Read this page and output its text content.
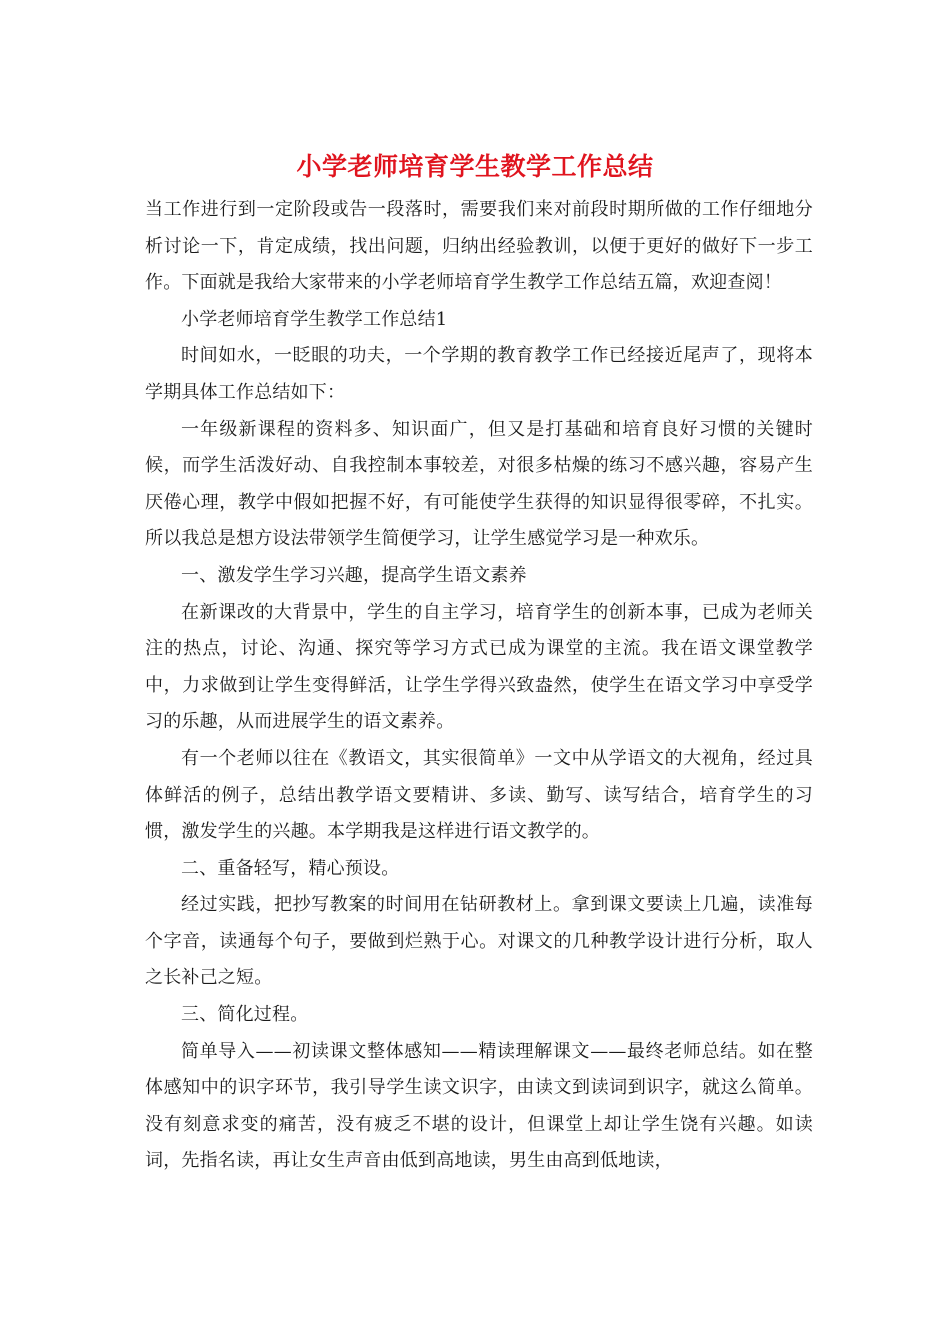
小学老师培育学生教学工作总结

当工作进行到一定阶段或告一段落时，需要我们来对前段时期所做的工作仔细地分析讨论一下，肯定成绩，找出问题，归纳出经验教训，以便于更好的做好下一步工作。下面就是我给大家带来的小学老师培育学生教学工作总结五篇，欢迎查阅！

小学老师培育学生教学工作总结1

时间如水，一眨眼的功夫，一个学期的教育教学工作已经接近尾声了，现将本学期具体工作总结如下：

一年级新课程的资料多、知识面广，但又是打基础和培育良好习惯的关键时候，而学生活泼好动、自我控制本事较差，对很多枯燥的练习不感兴趣，容易产生厌倦心理，教学中假如把握不好，有可能使学生获得的知识显得很零碎，不扎实。所以我总是想方设法带领学生简便学习，让学生感觉学习是一种欢乐。

一、激发学生学习兴趣，提高学生语文素养

在新课改的大背景中，学生的自主学习，培育学生的创新本事，已成为老师关注的热点，讨论、沟通、探究等学习方式已成为课堂的主流。我在语文课堂教学中，力求做到让学生变得鲜活，让学生学得兴致盎然，使学生在语文学习中享受学习的乐趣，从而进展学生的语文素养。

有一个老师以往在《教语文，其实很简单》一文中从学语文的大视角，经过具体鲜活的例子，总结出教学语文要精讲、多读、勤写、读写结合，培育学生的习惯，激发学生的兴趣。本学期我是这样进行语文教学的。

二、重备轻写，精心预设。

经过实践，把抄写教案的时间用在钻研教材上。拿到课文要读上几遍，读准每个字音，读通每个句子，要做到烂熟于心。对课文的几种教学设计进行分析，取人之长补己之短。

三、简化过程。

简单导入——初读课文整体感知——精读理解课文——最终老师总结。如在整体感知中的识字环节，我引导学生读文识字，由读文到读词到识字，就这么简单。没有刻意求变的痛苦，没有疲乏不堪的设计，但课堂上却让学生饶有兴趣。如读词，先指名读，再让女生声音由低到高地读，男生由高到低地读，
